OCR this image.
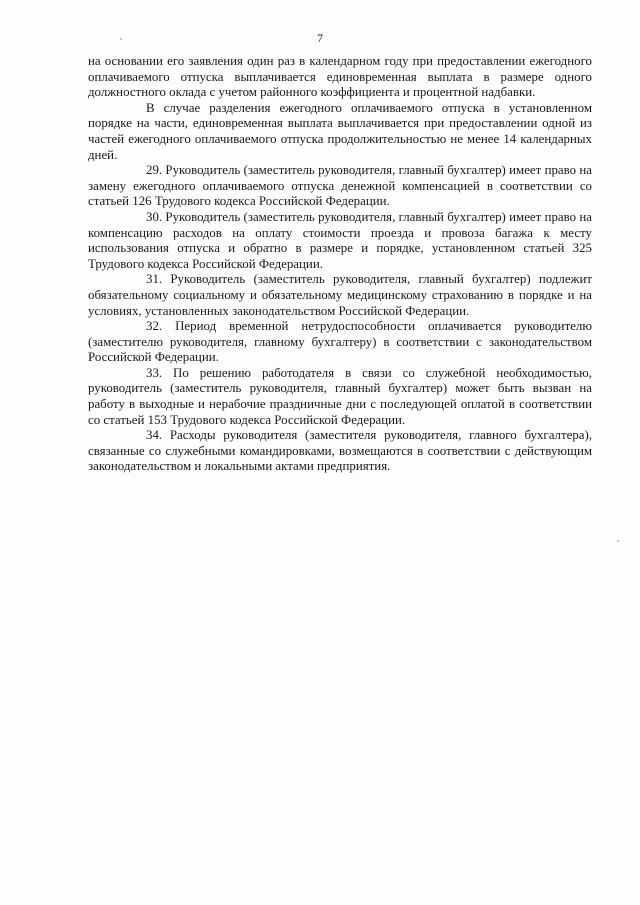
7

на основании его заявления один раз в календарном году при предоставлении ежегодного оплачиваемого отпуска выплачивается единовременная выплата в размере одного должностного оклада с учетом районного коэффициента и процентной надбавки.

В случае разделения ежегодного оплачиваемого отпуска в установленном порядке на части, единовременная выплата выплачивается при предоставлении одной из частей ежегодного оплачиваемого отпуска продолжительностью не менее 14 календарных дней.

29. Руководитель (заместитель руководителя, главный бухгалтер) имеет право на замену ежегодного оплачиваемого отпуска денежной компенсацией в соответствии со статьей 126 Трудового кодекса Российской Федерации.

30. Руководитель (заместитель руководителя, главный бухгалтер) имеет право на компенсацию расходов на оплату стоимости проезда и провоза багажа к месту использования отпуска и обратно в размере и порядке, установленном статьей 325 Трудового кодекса Российской Федерации.

31. Руководитель (заместитель руководителя, главный бухгалтер) подлежит обязательному социальному и обязательному медицинскому страхованию в порядке и на условиях, установленных законодательством Российской Федерации.

32. Период временной нетрудоспособности оплачивается руководителю (заместителю руководителя, главному бухгалтеру) в соответствии с законодательством Российской Федерации.

33. По решению работодателя в связи со служебной необходимостью, руководитель (заместитель руководителя, главный бухгалтер) может быть вызван на работу в выходные и нерабочие праздничные дни с последующей оплатой в соответствии со статьей 153 Трудового кодекса Российской Федерации.

34. Расходы руководителя (заместителя руководителя, главного бухгалтера), связанные со служебными командировками, возмещаются в соответствии с действующим законодательством и локальными актами предприятия.
